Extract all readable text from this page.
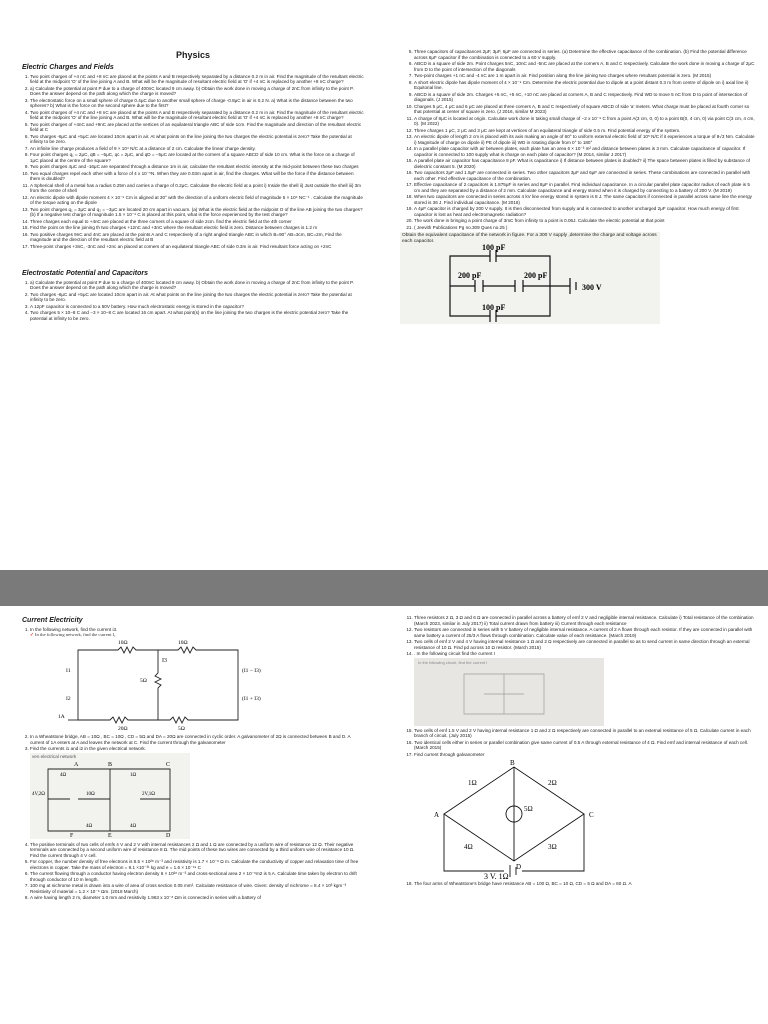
Physics
Electric Charges and Fields
1. Two point charges of +4 nC and +8 nC are placed at the points A and B respectively separated by a distance 0.2 m in air. Find the magnitude of the resultant electric field at the midpoint 'O' of the line joining A and B. What will be the magnitude of resultant electric field at 'O' if +4 nC is replaced by another +8 nC charge?
2. a) Calculate the potential at point P due to a charge of 400nC located 9 cm away. b) Obtain the work done in moving a charge of 2nC from infinity to the point P. Does the answer depend on the path along which the charge is moved?
3. The electrostatic force on a small sphere of charge 0.4μC due to another small sphere of charge -0.8μC in air is 0.2 N. a) What is the distance between the two spheres? b) What is the force on the second sphere due to the first?
4. Two point charges of +4 nC and +8 nC are placed at the points A and B respectively separated by a distance 0.2 m in air. Find the magnitude of the resultant electric field at the midpoint 'O' of the line joining A and B. What will be the magnitude of resultant electric field at 'O' if +4 nC is replaced by another +8 nC charge?
5. Two point charges of +4nC and +9nC are placed at the vertices of an equilateral triangle ABC of side 1cm. Find the magnitude and direction of the resultant electric field at C
6. Two charges -6μC and +5μC are located 10cm apart in air. At what points on the line joining the two charges the electric potential is zero? Take the potential at infinity to be zero.
7. An infinite line charge produces a field of 9 × 10⁴ N/C at a distance of 2 cm. Calculate the linear charge density.
8. Four point charges q₁ = 2μC, qB = −5μC, qc = 2μC, and qD = −5μC are located at the corners of a square ABCD of side 10 cm. What is the force on a charge of 1μC placed at the centre of the square?
9. Two point charges 4μC and -16μC are separated through a distance 1m in air, calculate the resultant electric intensity at the mid-point between these two charges
10. Two equal charges repel each other with a force of 4 x 10⁻⁵N. When they are 0.03m apart in air, find the charges. What will be the force if the distance between them is doubled?
11. A Spherical shell of a metal has a radius 0.25m and carries a charge of 0.2μC. Calculate the electric field at a point i) Inside the shell ii) Just outside the shell iii) 3m from the centre of shell
12. An electric dipole with dipole moment 4 × 10⁻⁹ Cm is aligned at 30° with the direction of a uniform electric field of magnitude 5 × 10⁴ NC⁻¹ . Calculate the magnitude of the torque acting on the dipole
13. Two point charges q₁ = 3μC and q₂ = −3μC are located 20 cm apart in vacuum. (a) What is the electric field at the midpoint O of the line AB joining the two charges? (b) If a negative test charge of magnitude 1.5 × 10⁻⁹ C is placed at this point, what is the force experienced by the test charge?
14. Three charges each equal to +4nC are placed at the three corners of a square of side 2cm. find the electric field at the 4th corner
15. Find the point on the line joining th two charges +12nC and +3nC where the resultant electric field is zero. Distance between charges is 1.2 m
16. Two positive charges 9nC and 4nC are placed at the points A and C respectively of a right angled triangle ABC in which B=90° AB=3cm, BC=2m, Find the magnitude and the direction of the resultant electric field at B
17. Three-point charges +3nC, -3nC and +2nc an placed at corners of an equilateral triangle ABC of side 0.3m in air. Find resultant force acting on +2nC
Electrostatic Potential and Capacitors
1. a) Calculate the potential at point P due to a charge of 400nC located 9 cm away. b) Obtain the work done in moving a charge of 2nC from infinity to the point P. Does the answer depend on the path along which the charge is moved?
2. Two charges -6μC and +5μC are located 10cm apart in air. At what points on the line joining the two charges the electric potential is zero? Take the potential at infinity to be zero.
3. A 12pF capacitor is connected to a 50V battery. How much electrostatic energy is stored in the capacitor?
4. Two charges 5 × 10−8 C and −3 × 10−8 C are located 16 cm apart. At what point(s) on the line joining the two charges is the electric potential zero? Take the potential at infinity to be zero.
5. Three capacitors of capacitances 2μF, 3μF, 6μF are connected in series. (a) Determine the effective capacitance of the combination. (b) Find the potential difference across 6μF capacitor if the combination is connected to a 60 V supply.
6. ABCD is a square of side 2m. Point charges 5nC, 10nC and -5nC are placed at the corners A, B and C respectively. Calculate the work done in moving a charge of 2μC from D to the point of intersection of the diagonals
7. Two-point charges +1 nC and -4 nC are 1 m apart in air. Find position along the line joining two charges where resultant potential is zero. (M 2015)
8. A short electric dipole has dipole moment of 4 × 10⁻⁹ Cm. Determine the electric potential due to dipole at a point distant 0.3 m from centre of dipole on i) axial line ii) Equitorial line.
9. ABCD is a square of side 2m. Charges +5 nC, +5 nC, +10 nC are placed at corners A, B and C respectively. Find WD to move 5 nC from D to point of intersection of diagonals. (J 2015)
10. Charges 5 μC, 4 μC and 6 μC are placed at three corners A, B and C respectively of square ABCD of side 'a' meters. What charge must be placed at fourth corner so that potential at center of square is zero. (J 2016, similar M 2023)
11. A charge of 8μC is located at origin. Calculate work done in taking small charge of −2 x 10⁻⁹ C from a point A(3 cm, 0, 0) to a point B(0, 4 cm, 0) via point C(3 cm, 4 cm, 0). (M 2022)
12. Three charges 1 μC, 2 μC and 3 μC are kept at vertices of an equilateral triangle of side 0.5 m. Find potential energy of the system.
13. An electric dipole of length 2 cm is placed with its axis making an angle of 60° to uniform external electric field of 10⁵ N/C if it experiences a torque of 8√3 Nm. Calculate i) Magnitude of charge on dipole ii) PE of dipole iii) WD in rotating dipole from 0° to 180°
14. In a parallel plate capacitor with air between plates, each plate has an area 6 × 10⁻³ m² and distance between plates is 3 mm. Calculate capacitance of capacitor. If capacitor is connected to 100 supply what is charge on each plate of capacitor? (M 2014, similar J 2017)
15. A parallel plate air capacitor has capacitance 8 pF. What is capacitance i) If distance between plates is doubled? ii) The space between plates is filled by substance of dielectric constant 5. (M 2020)
16. Two capacitors 2μF and 1.5μF are connected in series. Two other capacitors 3μF and 6μF are connected in series. These combinations are connected in parallel with each other. Find effective capacitance of the combination.
17. Effective capacitance of 2 capacitors is 1.875μF in series and 8μF in parallel. Find individual capacitance. In a circular parallel plate capacitor radius of each plate is 5 cm and they are separated by a distance of 2 mm. Calculate capacitance and energy stored when it is charged by connecting to a battery of 200 V. (M 2019)
18. When two capacitors are connected in series across 4 kV line energy stored in system is 8 J. The same capacitors if connected in parallel across same line the energy stored is 36 J. Find individual capacitance. (M 2016)
19. A 4μF capacitor is charged by 200 V supply. It is then disconnected from supply and is connected to another uncharged 2μF capacitor. How much energy of first capacitor is lost as heat and electromagnetic radiation?
20. The work done in bringing a point charge of 3mC from infinity to a point is 0.06J. Calculate the electric potential at that point
21. ( Jeevith Publications Pg no.309 Ques no.25 )
Obtain the equivalent capacitance of the network in figure. For a 300 V supply ,determine the charge and voltage across each capacitor.
100 pF
200 pF	200 pF
300 V
100 pF
Current Electricity
1. In the following network, find the current i3.
✓ In the following network, find the current I₁
10Ω	10Ω
I3
5Ω
I1
I2
(I1 − I3)
(I1 + I3)
1A
20Ω	5Ω
2. In a Wheatstone bridge, AB = 10Ω , BC = 10Ω , CD = 5Ω and DA = 20Ω are connected in cyclic order. A galvanometer of 2Ω is connected between B and D. A current of 1A enters at A and leaves the network at C. Find the current through the galvanometer
3. Find the currents i1 and i2 in the given electrical network.
ven electrical network
A
4Ω
B	C
1Ω
10Ω	2V,1Ω
4V,2Ω
F
4Ω
E
4Ω
D
4. The positive terminals of two cells of emfs 4 V and 2 V with internal resistances 2 Ω and 1 Ω are connected by a uniform wire of resistance 12 Ω. Their negative terminals are connected by a second uniform wire of resistance 8 Ω. The mid points of these two wires are connected by a third uniform wire of resistance 10 Ω. Find the current through 4 V cell.
5. For copper, the number density of free electrons is 8.5 × 10²⁸ m⁻³ and resistivity is 1.7 × 10⁻⁸ Ω m. Calculate the conductivity of copper and relaxation time of free electrons in copper. Take the mass of electron = 9.1 ×10⁻³¹ kg and e = 1.6 × 10⁻¹⁹ C
6. The current flowing through a conductor having electron density 6 × 10²⁸ m⁻³ and cross-sectional area 2 × 10⁻⁶m2 is 5 A. Calculate time taken by electron to drift through conductor of 10 m length.
7. 100 mg at nichrome metal is drawn into a wire of area of cross section 0.05 mm². Calculate resistance of wire. Given: density of nichrome = 8.4 × 10³ kgm⁻³ Resistivity of material = 1.2 × 10⁻⁶ Ωm. (2018 March)
8. A wire having length 2 m, diameter 1.0 mm and resistivity 1.963 x 10⁻⁸ Ωm is connected in series with a battery of
11. Three resistors 2 Ω, 3 Ω and 6 Ω are connected in parallel across a battery of emf 2 V and negligible internal resistance. Calculate i) Total resistance of the combination (March 2023, similar in July 2017) ii) Total current drawn from battery iii) Current through each resistance
12. Two resistors are connected in series with 5 V battery of negligible internal resistance. A current of 2 A flows through each resistor. If they are connected in parallel with same battery a current of 25/3 A flows through combination. Calculate value of each resistance. (March 2019)
13. Two cells of emf 2 V and 4 V having internal resistance 1 Ω and 2 Ω respectively are connected in parallel so as to send current in same direction through an external resistance of 10 Ω. Find pd across 10 Ω resistor. (March 2015)
14. . In the following circuit find the current I
In the following circuit, find the current I
15. Two cells of emf 1.5 V and 2 V having internal resistance 1 Ω and 2 Ω respectively are connected in parallel to an external resistance of 5 Ω. Calculate current in each branch of circuit. (July 2015)
16. Two identical cells either in series or parallel combination give same current of 0.5 A through external resistance of 4 Ω. Find emf and internal resistance of each cell. (March 2015)
17. Find current through galvanometer
B
1Ω	2Ω
A	C
5Ω
4Ω	3Ω
D
3 V, 1Ω
18. The four arms of Wheatstone's bridge have resistance AB = 100 Ω, BC = 10 Ω, CD = 5 Ω and DA = 60 Ω. A
